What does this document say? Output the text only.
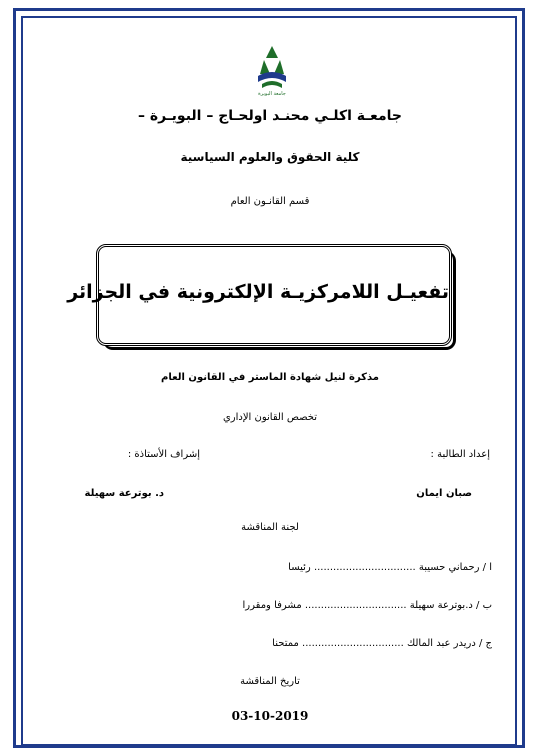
جامعة البويرة
جامعـة اكلـي محنـد اولحـاج – البويـرة –
كلية الحقوق والعلوم السياسية
قسم القانـون العام
تفعيـل اللامركزيـة الإلكترونية في الجزائر
مذكرة لنيل شهادة الماستر في القانون العام
تخصص القانون الإداري
إعداد الطالبة :
إشراف الأستاذة :
صبان ايمان
د. بوترعة سهيلة
لجنة المناقشة
ا / رحماني حسيبة ................................ رئيسا
ب / د.بوترعة سهيلة ................................ مشرفا ومقررا
ج / دريدر عبد المالك ................................ ممتحنا
تاريخ المناقشة
03-10-2019
